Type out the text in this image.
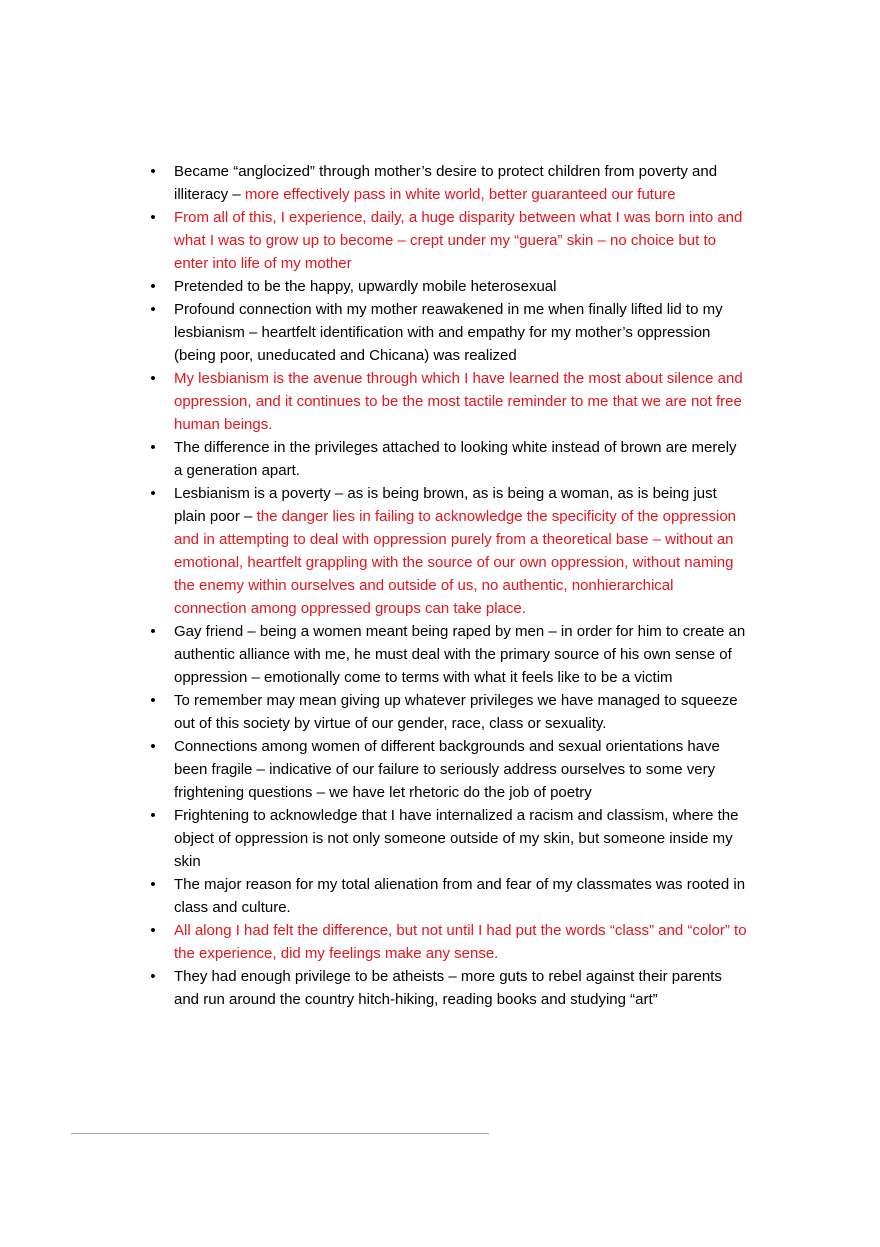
• Became “anglocized” through mother’s desire to protect children from poverty and illiteracy – more effectively pass in white world, better guaranteed our future
• From all of this, I experience, daily, a huge disparity between what I was born into and what I was to grow up to become – crept under my “guera” skin – no choice but to enter into life of my mother
• Pretended to be the happy, upwardly mobile heterosexual
• Profound connection with my mother reawakened in me when finally lifted lid to my lesbianism – heartfelt identification with and empathy for my mother’s oppression (being poor, uneducated and Chicana) was realized
• My lesbianism is the avenue through which I have learned the most about silence and oppression, and it continues to be the most tactile reminder to me that we are not free human beings.
• The difference in the privileges attached to looking white instead of brown are merely a generation apart.
• Lesbianism is a poverty – as is being brown, as is being a woman, as is being just plain poor – the danger lies in failing to acknowledge the specificity of the oppression and in attempting to deal with oppression purely from a theoretical base – without an emotional, heartfelt grappling with the source of our own oppression, without naming the enemy within ourselves and outside of us, no authentic, nonhierarchical connection among oppressed groups can take place.
• Gay friend – being a women meant being raped by men – in order for him to create an authentic alliance with me, he must deal with the primary source of his own sense of oppression – emotionally come to terms with what it feels like to be a victim
• To remember may mean giving up whatever privileges we have managed to squeeze out of this society by virtue of our gender, race, class or sexuality.
• Connections among women of different backgrounds and sexual orientations have been fragile – indicative of our failure to seriously address ourselves to some very frightening questions – we have let rhetoric do the job of poetry
• Frightening to acknowledge that I have internalized a racism and classism, where the object of oppression is not only someone outside of my skin, but someone inside my skin
• The major reason for my total alienation from and fear of my classmates was rooted in class and culture.
• All along I had felt the difference, but not until I had put the words “class” and “color” to the experience, did my feelings make any sense.
• They had enough privilege to be atheists – more guts to rebel against their parents and run around the country hitch-hiking, reading books and studying “art”
